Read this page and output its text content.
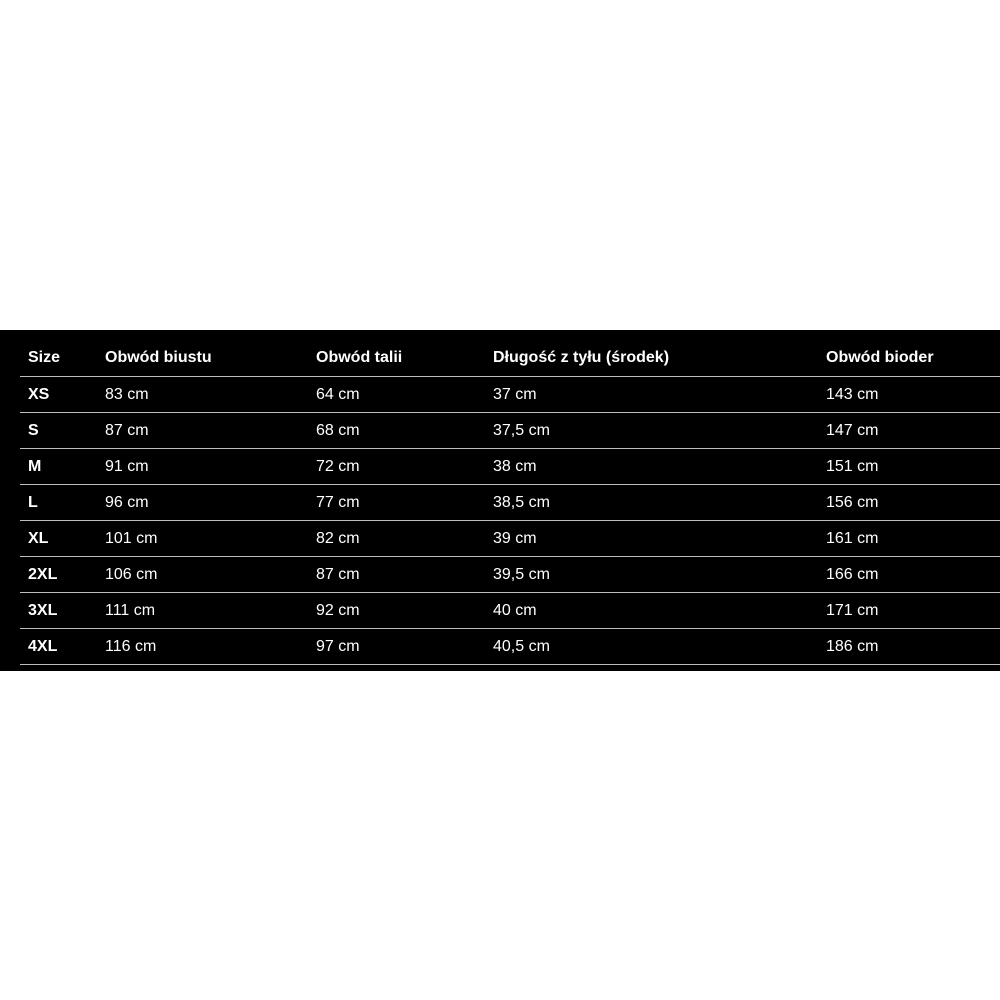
Size	Obwód biustu	Obwód talii	Długość z tyłu (środek)	Obwód bioder
XS	83 cm	64 cm	37 cm	143 cm
S	87 cm	68 cm	37,5 cm	147 cm
M	91 cm	72 cm	38 cm	151 cm
L	96 cm	77 cm	38,5 cm	156 cm
XL	101 cm	82 cm	39 cm	161 cm
2XL	106 cm	87 cm	39,5 cm	166 cm
3XL	111 cm	92 cm	40 cm	171 cm
4XL	116 cm	97 cm	40,5 cm	186 cm
